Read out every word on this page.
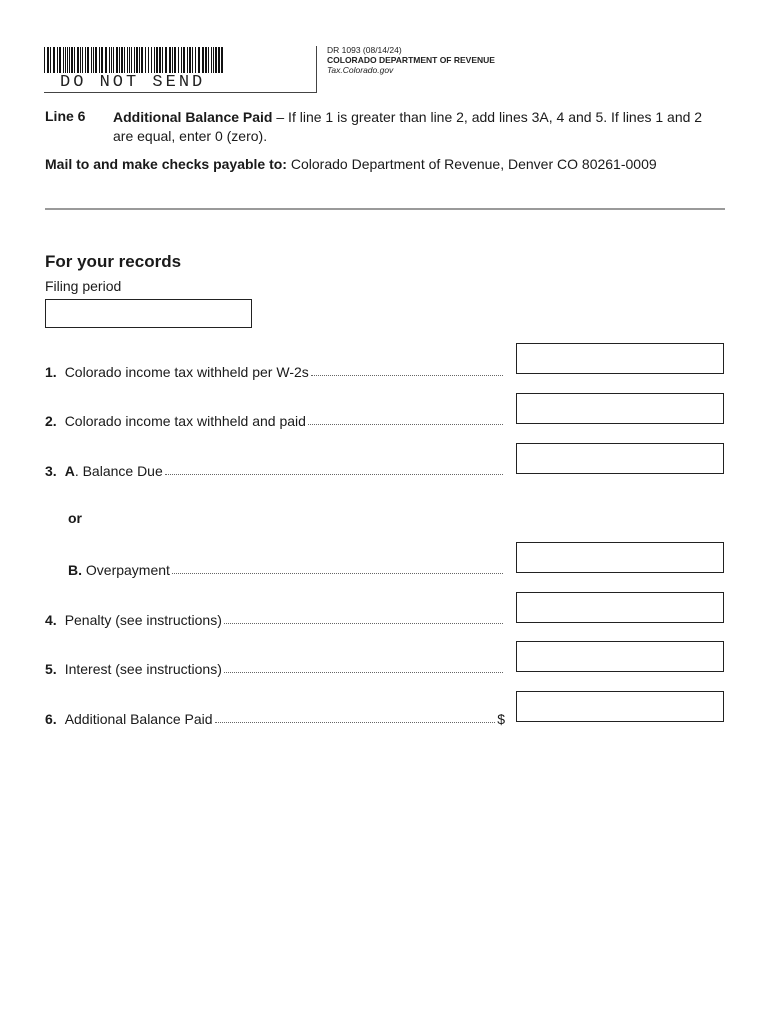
DO NOT SEND
DR 1093 (08/14/24)
COLORADO DEPARTMENT OF REVENUE
Tax.Colorado.gov
Line 6 Additional Balance Paid – If line 1 is greater than line 2, add lines 3A, 4 and 5. If lines 1 and 2 are equal, enter 0 (zero).
Mail to and make checks payable to: Colorado Department of Revenue, Denver CO 80261-0009
For your records
Filing period
1. Colorado income tax withheld per W-2s
2. Colorado income tax withheld and paid
3. A. Balance Due
or
B. Overpayment
4. Penalty (see instructions)
5. Interest (see instructions)
6. Additional Balance Paid	$
